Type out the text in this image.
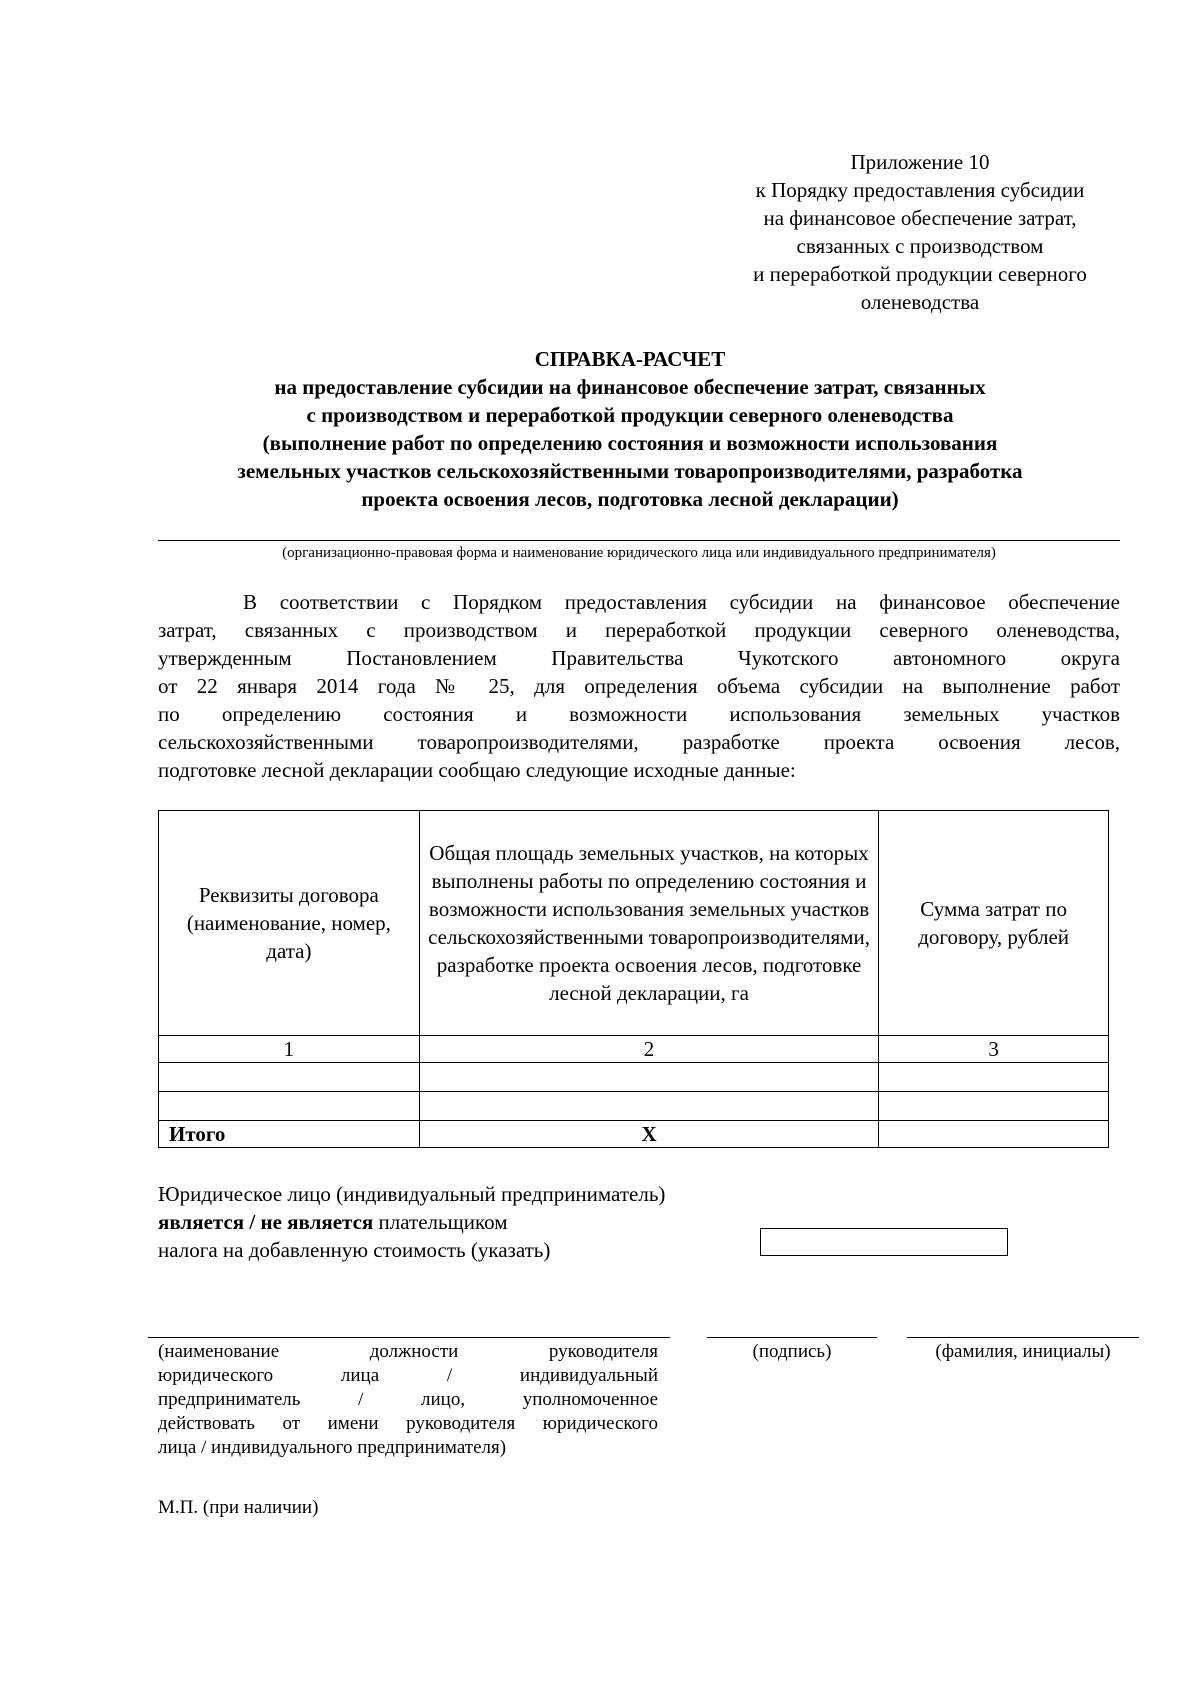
Приложение 10
к Порядку предоставления субсидии
на финансовое обеспечение затрат,
связанных с производством
и переработкой продукции северного
оленеводства
СПРАВКА-РАСЧЕТ
на предоставление субсидии на финансовое обеспечение затрат, связанных
с производством и переработкой продукции северного оленеводства
(выполнение работ по определению состояния и возможности использования
земельных участков сельскохозяйственными товаропроизводителями, разработка
проекта освоения лесов, подготовка лесной декларации)
(организационно-правовая форма и наименование юридического лица или индивидуального предпринимателя)
В соответствии с Порядком предоставления субсидии на финансовое обеспечение
затрат, связанных с производством и переработкой продукции северного оленеводства,
утвержденным Постановлением Правительства Чукотского автономного округа
от 22 января 2014 года № 25, для определения объема субсидии на выполнение работ
по определению состояния и возможности использования земельных участков
сельскохозяйственными товаропроизводителями, разработке проекта освоения лесов,
подготовке лесной декларации сообщаю следующие исходные данные:
Реквизиты договора (наименование, номер, дата)	Общая площадь земельных участков, на которых выполнены работы по определению состояния и возможности использования земельных участков сельскохозяйственными товаропроизводителями, разработке проекта освоения лесов, подготовке лесной декларации, га	Сумма затрат по договору, рублей
1	2	3

Итого	X	
Юридическое лицо (индивидуальный предприниматель)
является / не является плательщиком
налога на добавленную стоимость (указать)
(наименование должности руководителя
юридического лица / индивидуальный
предприниматель / лицо, уполномоченное
действовать от имени руководителя юридического
лица / индивидуального предпринимателя)
(подпись)	(фамилия, инициалы)
М.П. (при наличии)
